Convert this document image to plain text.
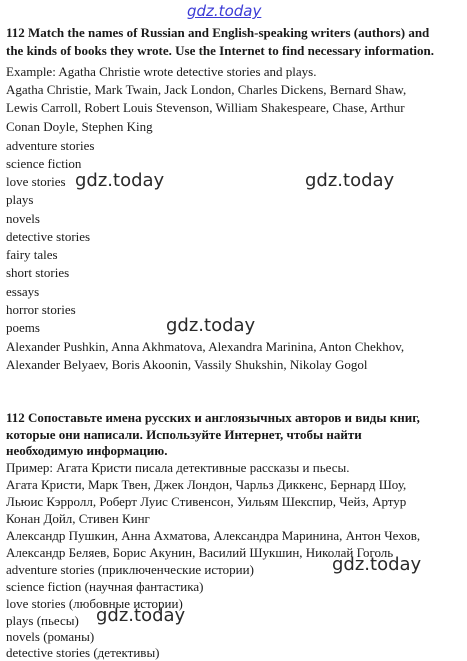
gdz.today
112 Match the names of Russian and English-speaking writers (authors) and
the kinds of books they wrote. Use the Internet to find necessary information.
Example: Agatha Christie wrote detective stories and plays.
Agatha Christie, Mark Twain, Jack London, Charles Dickens, Bernard Shaw,
Lewis Carroll, Robert Louis Stevenson, William Shakespeare, Chase, Arthur
Conan Doyle, Stephen King
adventure stories
science fiction
love stories
plays
novels
detective stories
fairy tales
short stories
essays
horror stories
poems
Alexander Pushkin, Anna Akhmatova, Alexandra Marinina, Anton Chekhov,
Alexander Belyaev, Boris Akoonin, Vassily Shukshin, Nikolay Gogol
112 Сопоставьте имена русских и англоязычных авторов и виды книг,
которые они написали. Используйте Интернет, чтобы найти
необходимую информацию.
Пример: Агата Кристи писала детективные рассказы и пьесы.
Агата Кристи, Марк Твен, Джек Лондон, Чарльз Диккенс, Бернард Шоу,
Льюис Кэрролл, Роберт Луис Стивенсон, Уильям Шекспир, Чейз, Артур
Конан Дойл, Стивен Кинг
Александр Пушкин, Анна Ахматова, Александра Маринина, Антон Чехов,
Александр Беляев, Борис Акунин, Василий Шукшин, Николай Гоголь
adventure stories (приключенческие истории)
science fiction (научная фантастика)
love stories (любовные истории)
plays (пьесы)
novels (романы)
detective stories (детективы)
gdz.today	gdz.today
gdz.today
gdz.today
gdz.today
